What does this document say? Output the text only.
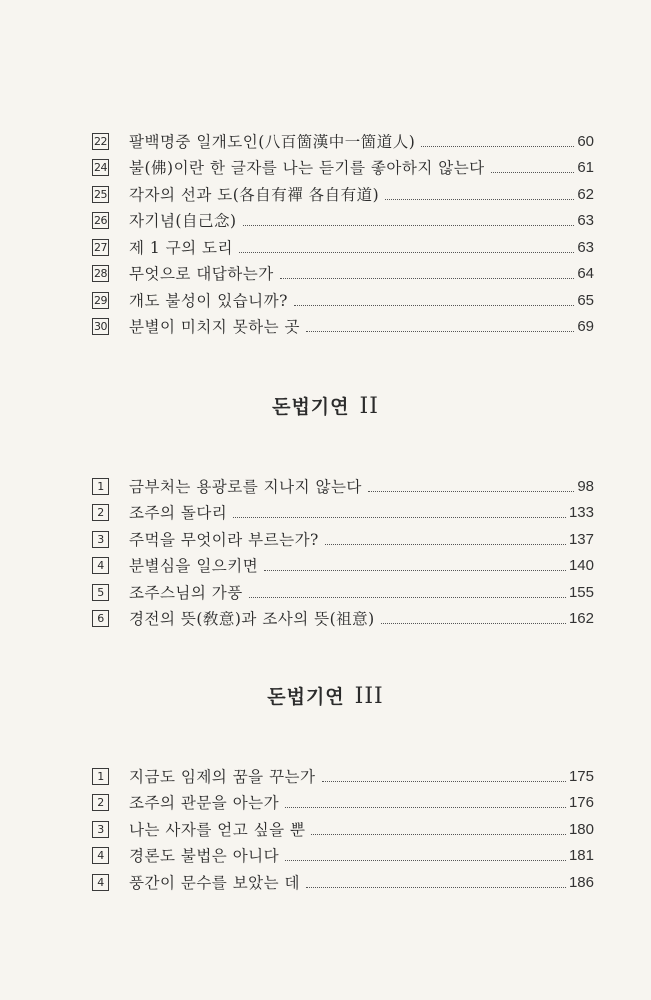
22 팔백명중 일개도인(八百箇漢中一箇道人)	60
24 불(佛)이란 한 글자를 나는 듣기를 좋아하지 않는다	61
25 각자의 선과 도(各自有禪 各自有道)	62
26 자기념(自己念)	63
27 제 1 구의 도리	63
28 무엇으로 대답하는가	64
29 개도 불성이 있습니까?	65
30 분별이 미치지 못하는 곳	69
돈법기연 II
1	금부처는 용광로를 지나지 않는다	98
2	조주의 돌다리	133
3	주먹을 무엇이라 부르는가?	137
4	분별심을 일으키면	140
5	조주스님의 가풍	155
6	경전의 뜻(敎意)과 조사의 뜻(祖意)	162
돈법기연 III
1	지금도 임제의 꿈을 꾸는가	175
2	조주의 관문을 아는가	176
3	나는 사자를 얻고 싶을 뿐	180
4	경론도 불법은 아니다	181
4	풍간이 문수를 보았는 데	186
